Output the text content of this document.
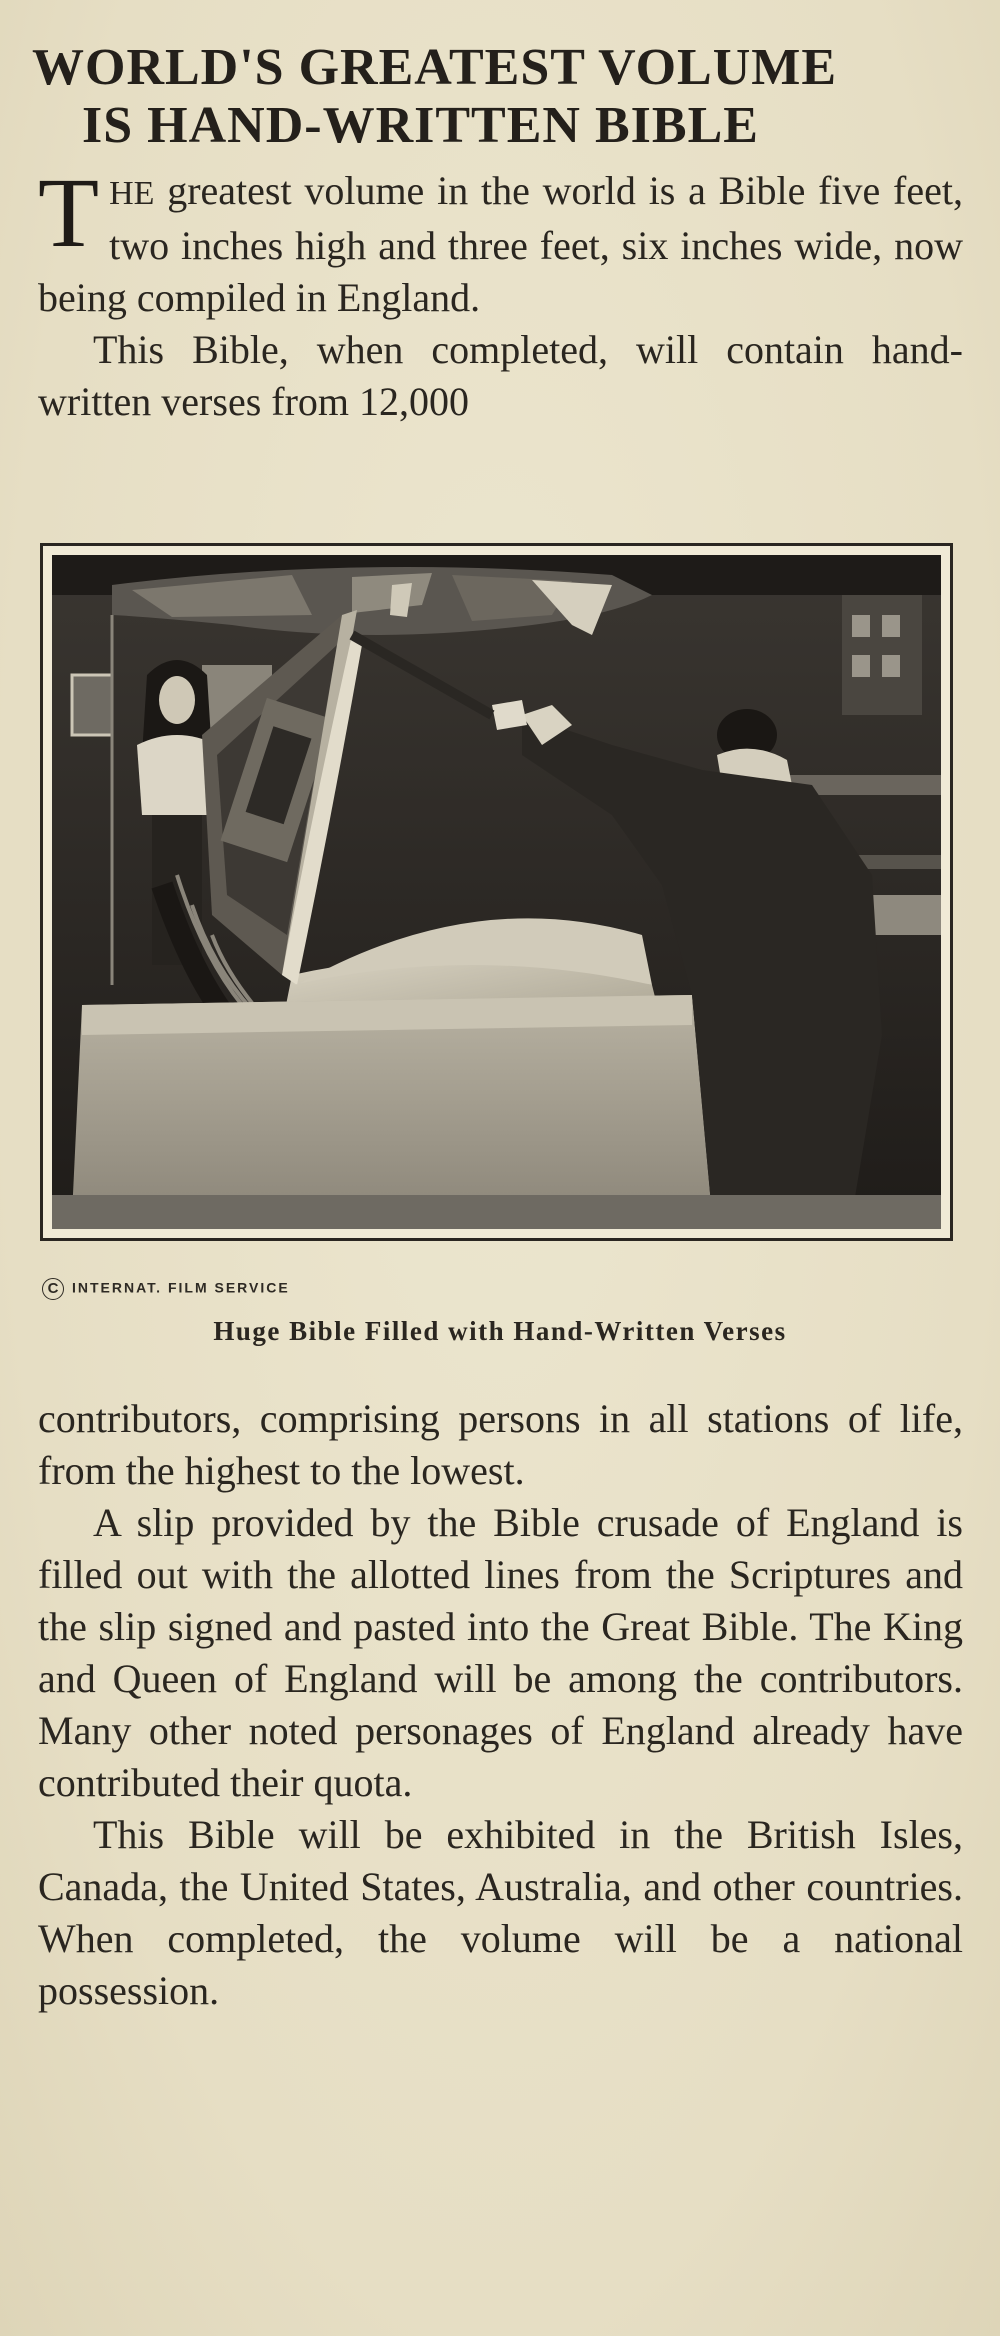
WORLD'S GREATEST VOLUME
IS HAND-WRITTEN BIBLE

THE greatest volume in the world is a Bible five feet, two inches high and three feet, six inches wide, now being compiled in England.

This Bible, when completed, will contain hand-written verses from 12,000

C INTERNAT. FILM SERVICE
Huge Bible Filled with Hand-Written Verses

contributors, comprising persons in all stations of life, from the highest to the lowest.

A slip provided by the Bible crusade of England is filled out with the allotted lines from the Scriptures and the slip signed and pasted into the Great Bible. The King and Queen of England will be among the contributors. Many other noted personages of England already have contributed their quota.

This Bible will be exhibited in the British Isles, Canada, the United States, Australia, and other countries. When completed, the volume will be a national possession.
